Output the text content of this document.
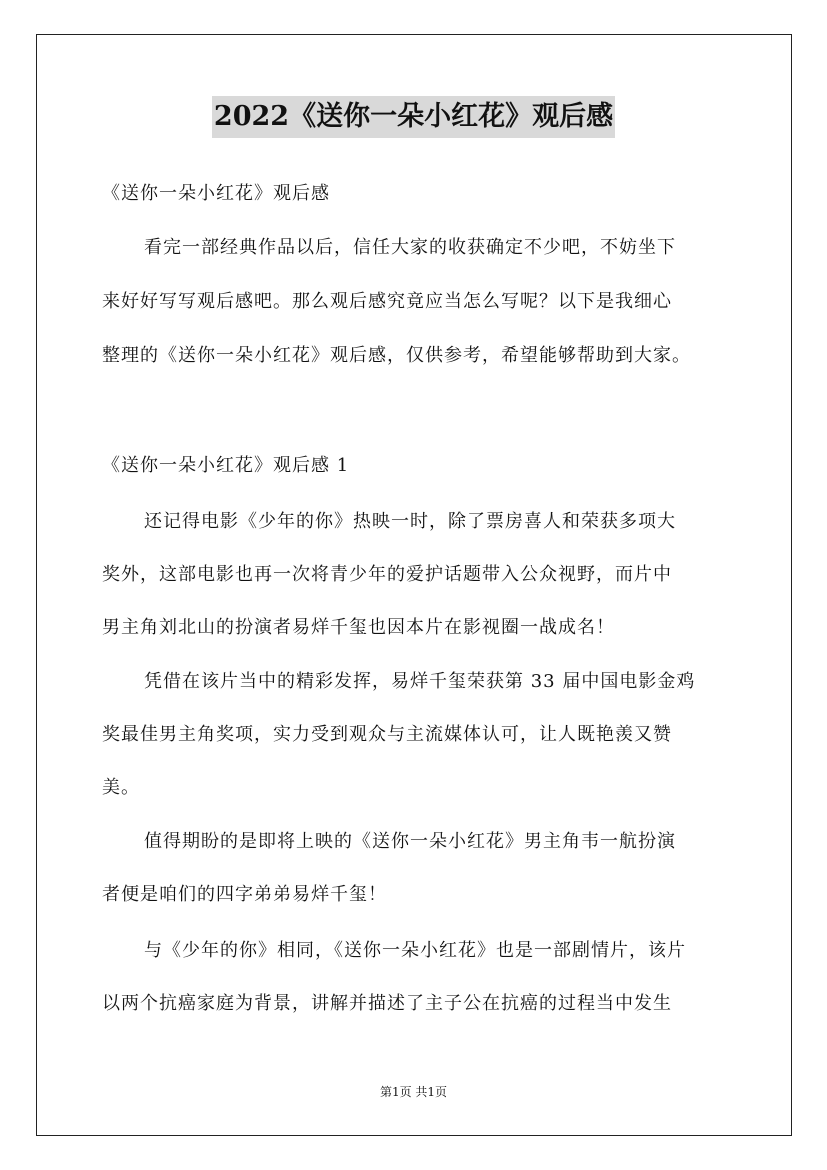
2022《送你一朵小红花》观后感
《送你一朵小红花》观后感
看完一部经典作品以后，信任大家的收获确定不少吧，不妨坐下
来好好写写观后感吧。那么观后感究竟应当怎么写呢？以下是我细心
整理的《送你一朵小红花》观后感，仅供参考，希望能够帮助到大家。
《送你一朵小红花》观后感 1
还记得电影《少年的你》热映一时，除了票房喜人和荣获多项大
奖外，这部电影也再一次将青少年的爱护话题带入公众视野，而片中
男主角刘北山的扮演者易烊千玺也因本片在影视圈一战成名！
凭借在该片当中的精彩发挥，易烊千玺荣获第 33 届中国电影金鸡
奖最佳男主角奖项，实力受到观众与主流媒体认可，让人既艳羡又赞
美。
值得期盼的是即将上映的《送你一朵小红花》男主角韦一航扮演
者便是咱们的四字弟弟易烊千玺！
与《少年的你》相同，《送你一朵小红花》也是一部剧情片，该片
以两个抗癌家庭为背景，讲解并描述了主子公在抗癌的过程当中发生
第1页 共1页
